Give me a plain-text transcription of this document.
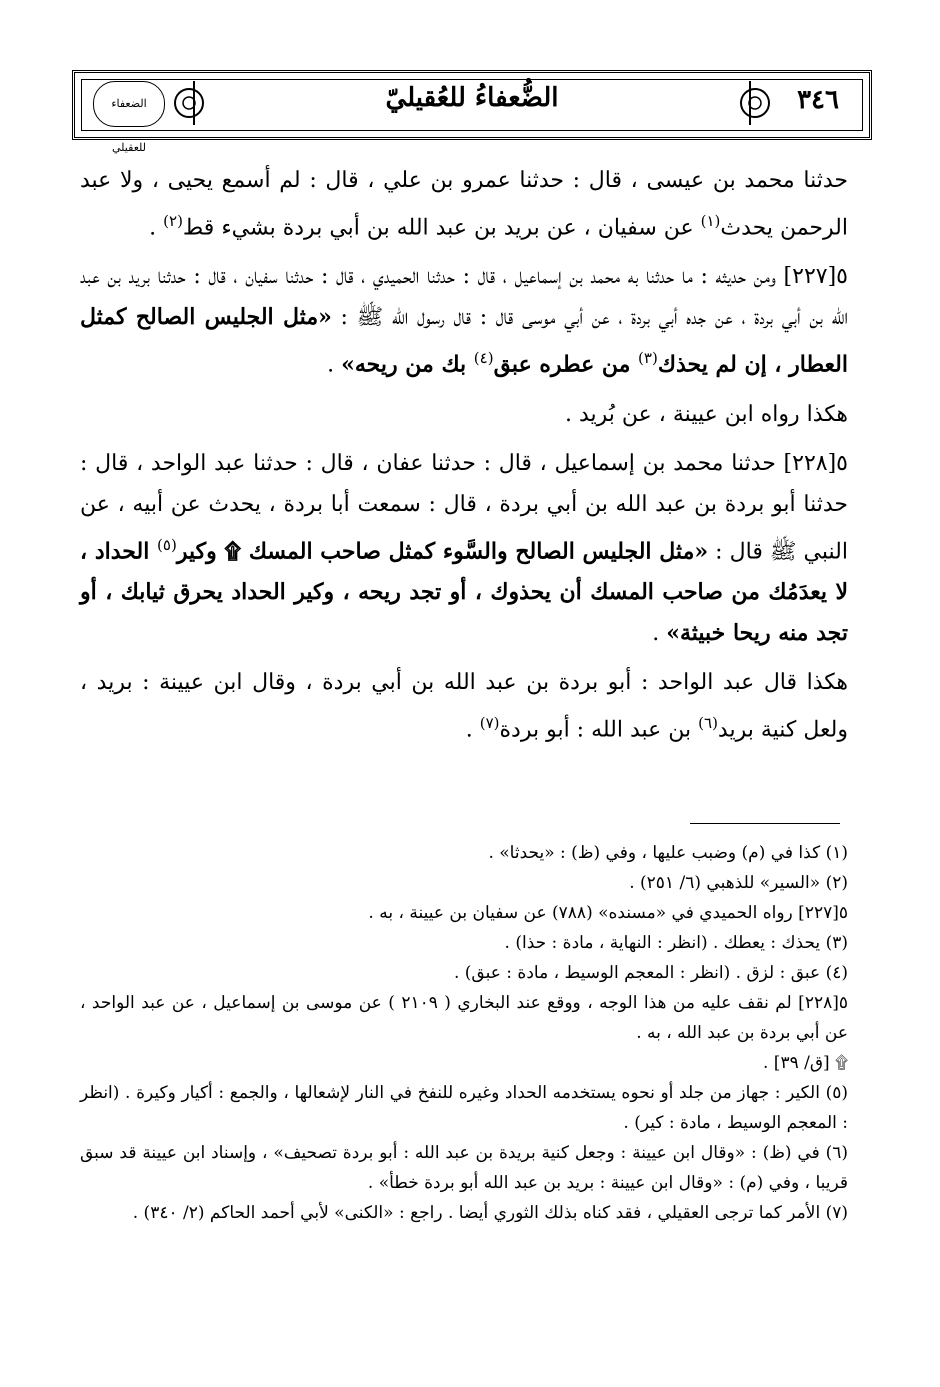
٣٤٦
الضُّعفاءُ للعُقيليّ
الضعفاء للعقيلي

حدثنا محمد بن عيسى ، قال : حدثنا عمرو بن علي ، قال : لم أسمع يحيى ، ولا عبد الرحمن يحدث$^{(١)}$ عن سفيان ، عن بريد بن عبد الله بن أبي بردة بشيء قط$^{(٢)}$ .

٥[٢٢٧] ومن حديثه : ما حدثنا به محمد بن إسماعيل ، قال : حدثنا الحميدي ، قال : حدثنا سفيان ، قال : حدثنا بريد بن عبد الله بن أبي بردة ، عن جده أبي بردة ، عن أبي موسى قال : قال رسول الله ﷺ : «مثل الجليس الصالح كمثل العطار ، إن لم يحذك$^{(٣)}$ من عطره عبق$^{(٤)}$ بك من ريحه» .

هكذا رواه ابن عيينة ، عن بُريد .

٥[٢٢٨] حدثنا محمد بن إسماعيل ، قال : حدثنا عفان ، قال : حدثنا عبد الواحد ، قال : حدثنا أبو بردة بن عبد الله بن أبي بردة ، قال : سمعت أبا بردة ، يحدث عن أبيه ، عن النبي ﷺ قال : «مثل الجليس الصالح والسَّوء كمثل صاحب المسك ۩ وكير$^{(٥)}$ الحداد ، لا يعدَمُك من صاحب المسك أن يحذوك ، أو تجد ريحه ، وكير الحداد يحرق ثيابك ، أو تجد منه ريحا خبيثة» .

هكذا قال عبد الواحد : أبو بردة بن عبد الله بن أبي بردة ، وقال ابن عيينة : بريد ، ولعل كنية بريد$^{(٦)}$ بن عبد الله : أبو بردة$^{(٧)}$ .

(١) كذا في (م) وضبب عليها ، وفي (ظ) : «يحدثا» .

(٢) «السير» للذهبي (٦/ ٢٥١) .

٥[٢٢٧] رواه الحميدي في «مسنده» (٧٨٨) عن سفيان بن عيينة ، به .

(٣) يحذك : يعطك . (انظر : النهاية ، مادة : حذا) .

(٤) عبق : لزق . (انظر : المعجم الوسيط ، مادة : عبق) .

٥[٢٢٨] لم نقف عليه من هذا الوجه ، ووقع عند البخاري ( ٢١٠٩ ) عن موسى بن إسماعيل ، عن عبد الواحد ، عن أبي بردة بن عبد الله ، به .

۩ [ق/ ٣٩] .

(٥) الكير : جهاز من جلد أو نحوه يستخدمه الحداد وغيره للنفخ في النار لإشعالها ، والجمع : أكيار وكيرة . (انظر : المعجم الوسيط ، مادة : كير) .

(٦) في (ظ) : «وقال ابن عيينة : وجعل كنية بريدة بن عبد الله : أبو بردة تصحيف» ، وإسناد ابن عيينة قد سبق قريبا ، وفي (م) : «وقال ابن عيينة : بريد بن عبد الله أبو بردة خطأ» .

(٧) الأمر كما ترجى العقيلي ، فقد كناه بذلك الثوري أيضا . راجع : «الكنى» لأبي أحمد الحاكم (٢/ ٣٤٠) .
